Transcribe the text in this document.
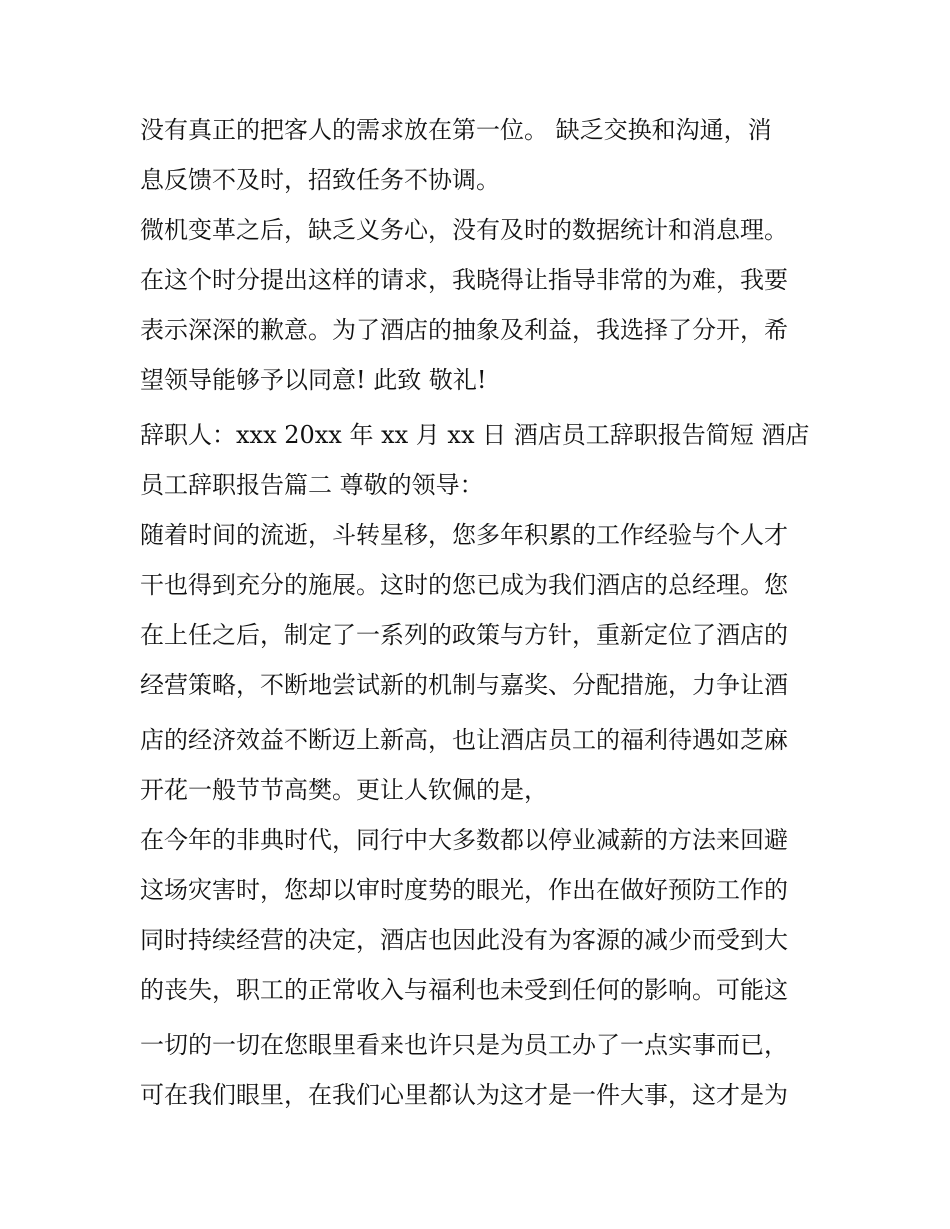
没有真正的把客人的需求放在第一位。 缺乏交换和沟通，消
息反馈不及时，招致任务不协调。
微机变革之后，缺乏义务心，没有及时的数据统计和消息理。
在这个时分提出这样的请求，我晓得让指导非常的为难，我要
表示深深的歉意。为了酒店的抽象及利益，我选择了分开，希
望领导能够予以同意! 此致 敬礼!
辞职人：xxx 20xx 年 xx 月 xx 日 酒店员工辞职报告简短 酒店
员工辞职报告篇二 尊敬的领导：
随着时间的流逝，斗转星移，您多年积累的工作经验与个人才
干也得到充分的施展。这时的您已成为我们酒店的总经理。您
在上任之后，制定了一系列的政策与方针，重新定位了酒店的
经营策略，不断地尝试新的机制与嘉奖、分配措施，力争让酒
店的经济效益不断迈上新高，也让酒店员工的福利待遇如芝麻
开花一般节节高樊。更让人钦佩的是，
在今年的非典时代，同行中大多数都以停业减薪的方法来回避
这场灾害时，您却以审时度势的眼光，作出在做好预防工作的
同时持续经营的决定，酒店也因此没有为客源的减少而受到大
的丧失，职工的正常收入与福利也未受到任何的影响。可能这
一切的一切在您眼里看来也许只是为员工办了一点实事而已，
可在我们眼里，在我们心里都认为这才是一件大事，这才是为
